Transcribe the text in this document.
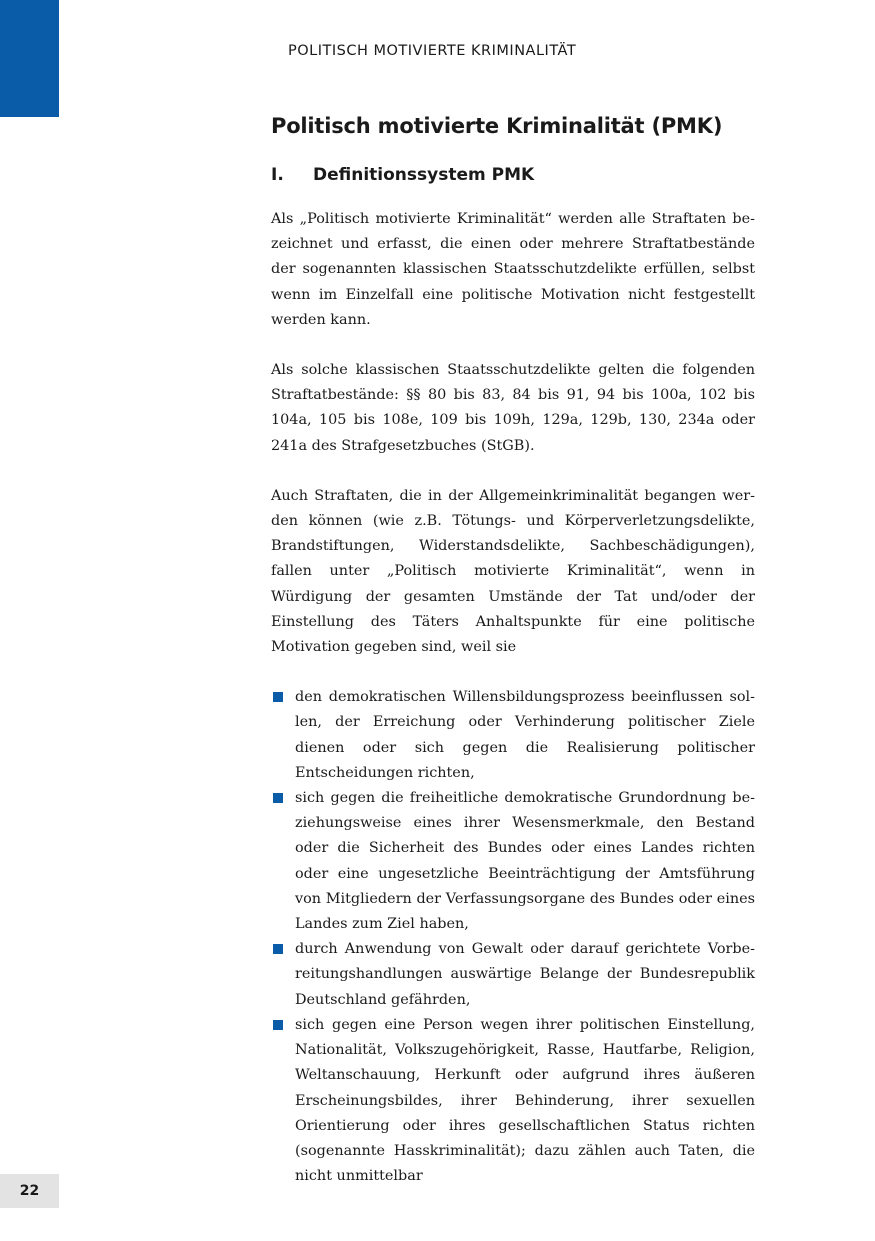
POLITISCH MOTIVIERTE KRIMINALITÄT
Politisch motivierte Kriminalität (PMK)
I.	Definitionssystem PMK

Als „Politisch motivierte Kriminalität“ werden alle Straftaten bezeichnet und erfasst, die einen oder mehrere Straftatbestände der sogenannten klassischen Staatsschutzdelikte erfüllen, selbst wenn im Einzelfall eine politische Motivation nicht festgestellt werden kann.

Als solche klassischen Staatsschutzdelikte gelten die folgenden Straftatbestände: §§ 80 bis 83, 84 bis 91, 94 bis 100a, 102 bis 104a, 105 bis 108e, 109 bis 109h, 129a, 129b, 130, 234a oder 241a des Strafgesetzbuches (StGB).

Auch Straftaten, die in der Allgemeinkriminalität begangen werden können (wie z.B. Tötungs- und Körperverletzungsdelikte, Brandstiftungen, Widerstandsdelikte, Sachbeschädigungen), fallen unter „Politisch motivierte Kriminalität“, wenn in Würdigung der gesamten Umstände der Tat und/oder der Einstellung des Täters Anhaltspunkte für eine politische Motivation gegeben sind, weil sie

den demokratischen Willensbildungsprozess beeinflussen sollen, der Erreichung oder Verhinderung politischer Ziele dienen oder sich gegen die Realisierung politischer Entscheidungen richten,
sich gegen die freiheitliche demokratische Grundordnung beziehungsweise eines ihrer Wesensmerkmale, den Bestand oder die Sicherheit des Bundes oder eines Landes richten oder eine ungesetzliche Beeinträchtigung der Amtsführung von Mitgliedern der Verfassungsorgane des Bundes oder eines Landes zum Ziel haben,
durch Anwendung von Gewalt oder darauf gerichtete Vorbereitungshandlungen auswärtige Belange der Bundesrepublik Deutschland gefährden,
sich gegen eine Person wegen ihrer politischen Einstellung, Nationalität, Volkszugehörigkeit, Rasse, Hautfarbe, Religion, Weltanschauung, Herkunft oder aufgrund ihres äußeren Erscheinungsbildes, ihrer Behinderung, ihrer sexuellen Orientierung oder ihres gesellschaftlichen Status richten (sogenannte Hasskriminalität); dazu zählen auch Taten, die nicht unmittelbar
22
